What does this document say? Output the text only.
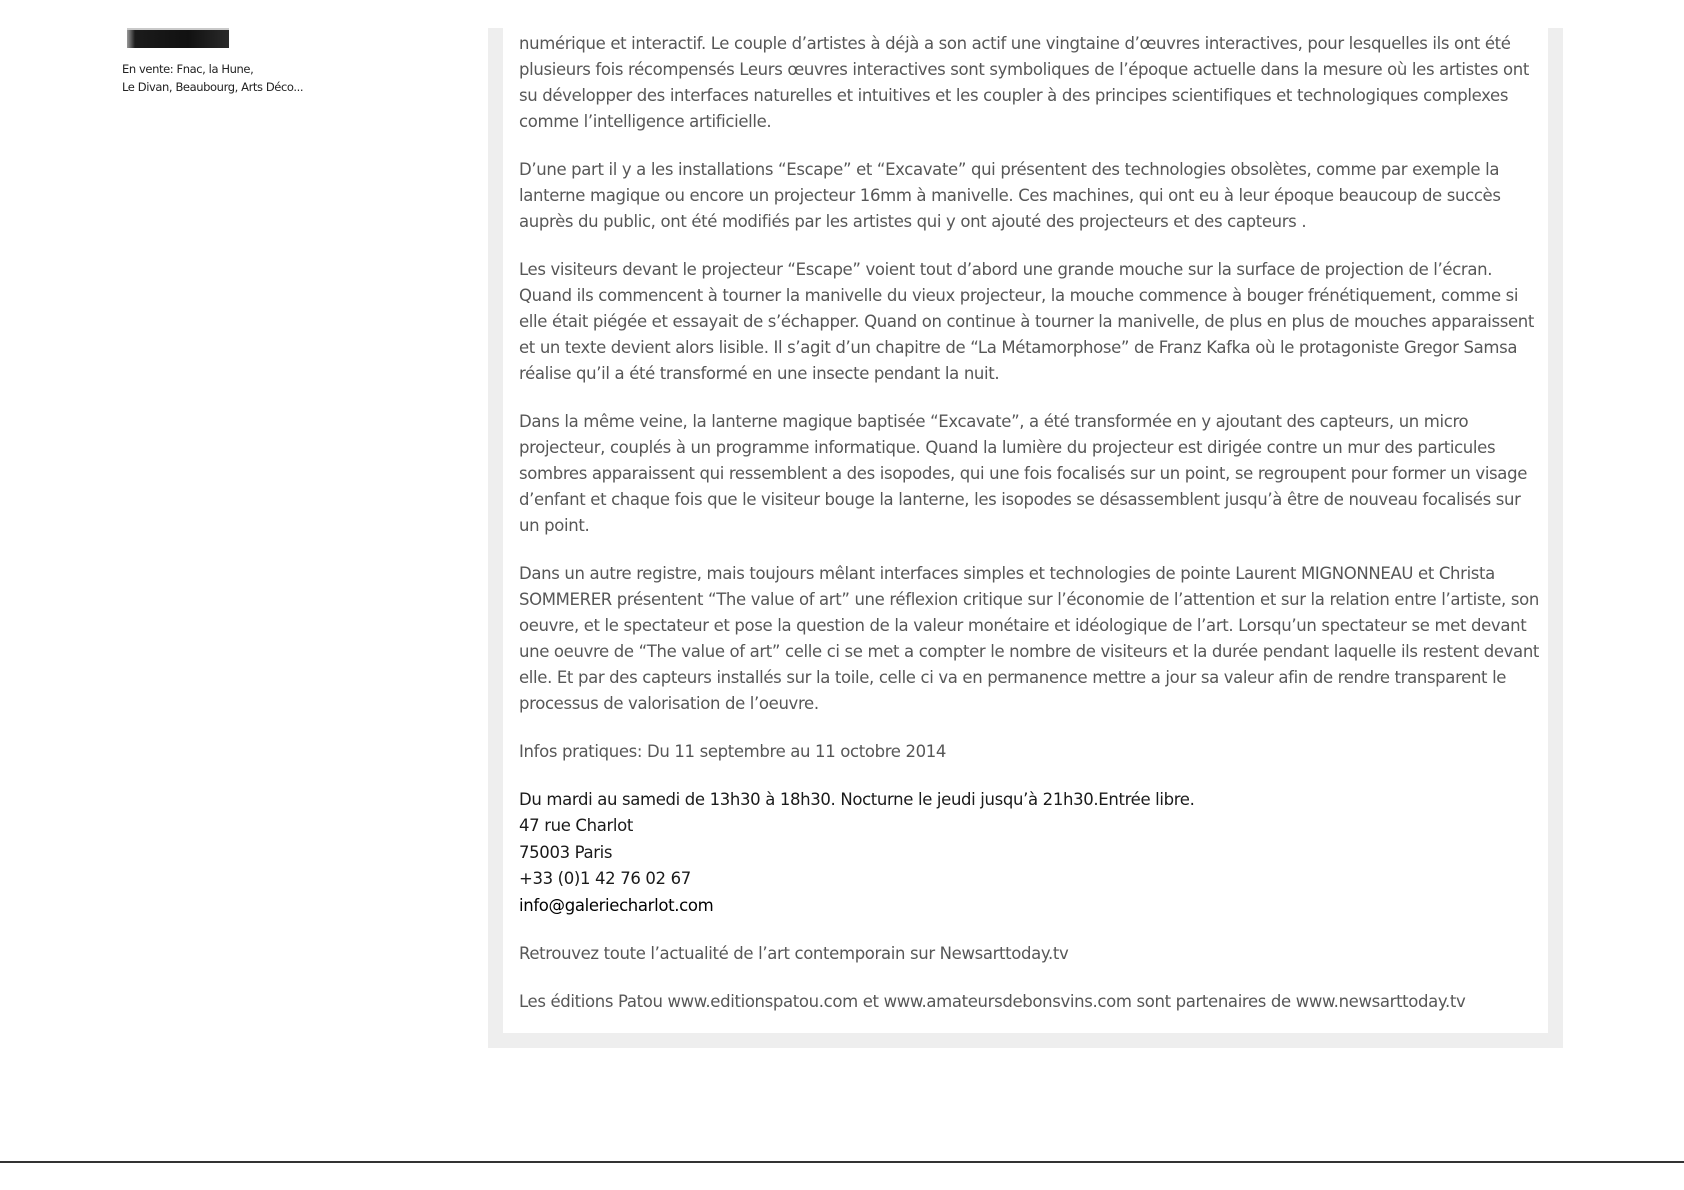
En vente: Fnac, la Hune,
Le Divan, Beaubourg, Arts Déco...

numérique et interactif. Le couple d’artistes à déjà a son actif une vingtaine d’œuvres interactives, pour lesquelles ils ont été plusieurs fois récompensés Leurs œuvres interactives sont symboliques de l’époque actuelle dans la mesure où les artistes ont su développer des interfaces naturelles et intuitives et les coupler à des principes scientifiques et technologiques complexes comme l’intelligence artificielle.

D’une part il y a les installations “Escape” et “Excavate” qui présentent des technologies obsolètes, comme par exemple la lanterne magique ou encore un projecteur 16mm à manivelle. Ces machines, qui ont eu à leur époque beaucoup de succès auprès du public, ont été modifiés par les artistes qui y ont ajouté des projecteurs et des capteurs .

Les visiteurs devant le projecteur “Escape” voient tout d’abord une grande mouche sur la surface de projection de l’écran. Quand ils commencent à tourner la manivelle du vieux projecteur, la mouche commence à bouger frénétiquement, comme si elle était piégée et essayait de s’échapper. Quand on continue à tourner la manivelle, de plus en plus de mouches apparaissent et un texte devient alors lisible. Il s’agit d’un chapitre de “La Métamorphose” de Franz Kafka où le protagoniste Gregor Samsa réalise qu’il a été transformé en une insecte pendant la nuit.

Dans la même veine, la lanterne magique baptisée “Excavate”, a été transformée en y ajoutant des capteurs, un micro projecteur, couplés à un programme informatique. Quand la lumière du projecteur est dirigée contre un mur des particules sombres apparaissent qui ressemblent a des isopodes, qui une fois focalisés sur un point, se regroupent pour former un visage d’enfant et chaque fois que le visiteur bouge la lanterne, les isopodes se désassemblent jusqu’à être de nouveau focalisés sur un point.

Dans un autre registre, mais toujours mêlant interfaces simples et technologies de pointe Laurent MIGNONNEAU et Christa SOMMERER présentent “The value of art” une réflexion critique sur l’économie de l’attention et sur la relation entre l’artiste, son oeuvre, et le spectateur et pose la question de la valeur monétaire et idéologique de l’art. Lorsqu’un spectateur se met devant une oeuvre de “The value of art” celle ci se met a compter le nombre de visiteurs et la durée pendant laquelle ils restent devant elle. Et par des capteurs installés sur la toile, celle ci va en permanence mettre a jour sa valeur afin de rendre transparent le processus de valorisation de l’oeuvre.

Infos pratiques: Du 11 septembre au 11 octobre 2014

Du mardi au samedi de 13h30 à 18h30. Nocturne le jeudi jusqu’à 21h30.Entrée libre.
47 rue Charlot
75003 Paris
+33 (0)1 42 76 02 67
info@galeriecharlot.com

Retrouvez toute l’actualité de l’art contemporain sur Newsarttoday.tv

Les éditions Patou www.editionspatou.com et www.amateursdebonsvins.com sont partenaires de www.newsarttoday.tv
